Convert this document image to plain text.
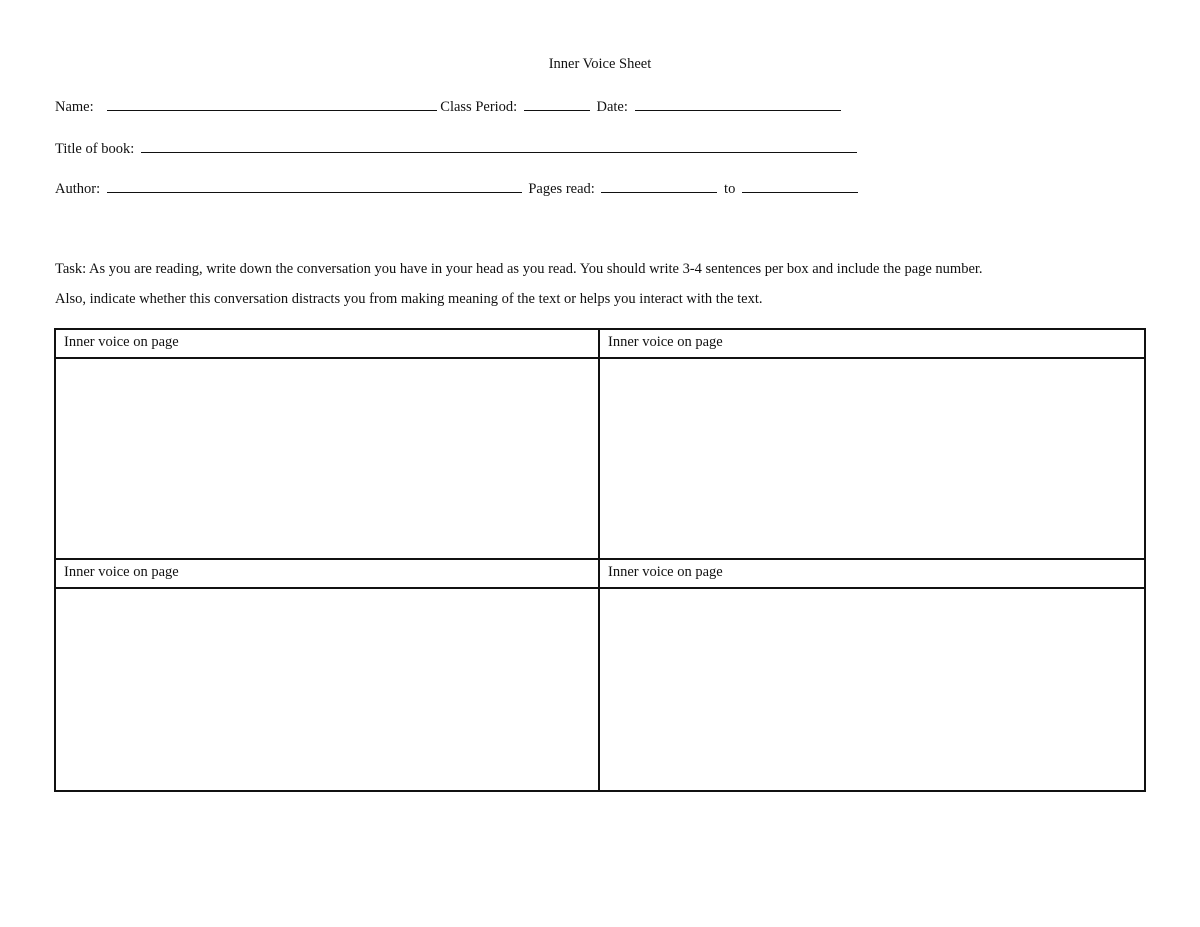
Inner Voice Sheet
Name:	Class Period:	Date:
Title of book:
Author:	Pages read:	to
Task: As you are reading, write down the conversation you have in your head as you read. You should write 3-4 sentences per box and include the page number.
Also, indicate whether this conversation distracts you from making meaning of the text or helps you interact with the text.
Inner voice on page	Inner voice on page
Inner voice on page	Inner voice on page
